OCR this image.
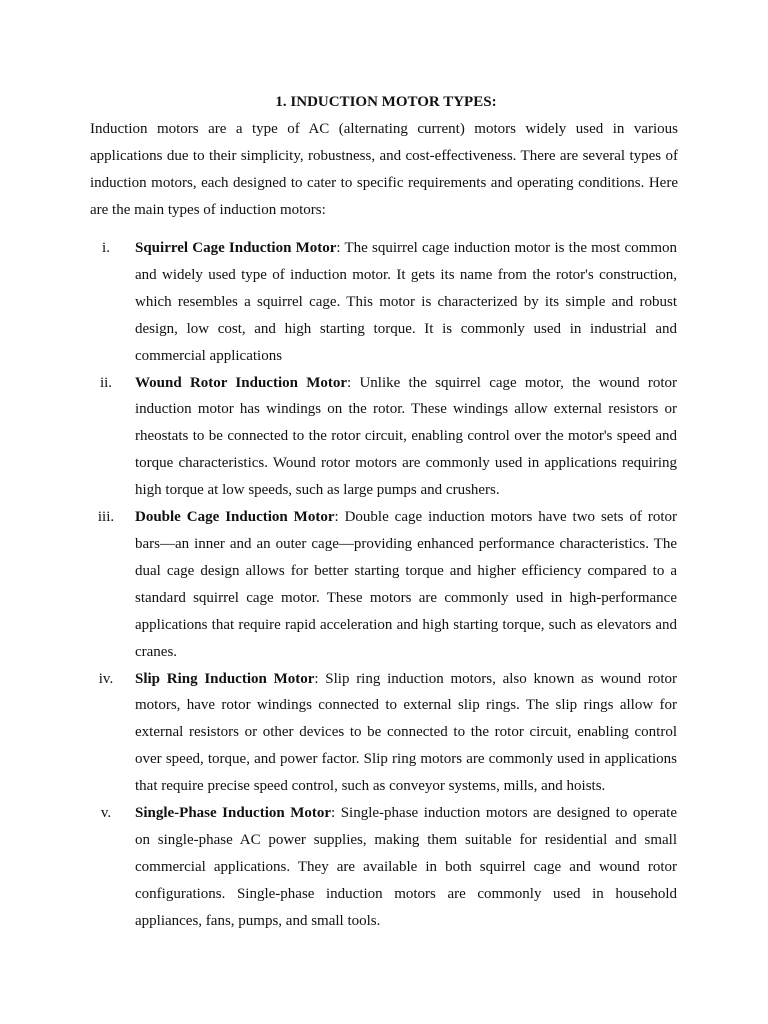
1. INDUCTION MOTOR TYPES:

Induction motors are a type of AC (alternating current) motors widely used in various applications due to their simplicity, robustness, and cost-effectiveness. There are several types of induction motors, each designed to cater to specific requirements and operating conditions. Here are the main types of induction motors:

i.	Squirrel Cage Induction Motor: The squirrel cage induction motor is the most common and widely used type of induction motor. It gets its name from the rotor's construction, which resembles a squirrel cage. This motor is characterized by its simple and robust design, low cost, and high starting torque. It is commonly used in industrial and commercial applications

ii.	Wound Rotor Induction Motor: Unlike the squirrel cage motor, the wound rotor induction motor has windings on the rotor. These windings allow external resistors or rheostats to be connected to the rotor circuit, enabling control over the motor's speed and torque characteristics. Wound rotor motors are commonly used in applications requiring high torque at low speeds, such as large pumps and crushers.

iii.	Double Cage Induction Motor: Double cage induction motors have two sets of rotor bars—an inner and an outer cage—providing enhanced performance characteristics. The dual cage design allows for better starting torque and higher efficiency compared to a standard squirrel cage motor. These motors are commonly used in high-performance applications that require rapid acceleration and high starting torque, such as elevators and cranes.

iv.	Slip Ring Induction Motor: Slip ring induction motors, also known as wound rotor motors, have rotor windings connected to external slip rings. The slip rings allow for external resistors or other devices to be connected to the rotor circuit, enabling control over speed, torque, and power factor. Slip ring motors are commonly used in applications that require precise speed control, such as conveyor systems, mills, and hoists.

v.	Single-Phase Induction Motor: Single-phase induction motors are designed to operate on single-phase AC power supplies, making them suitable for residential and small commercial applications. They are available in both squirrel cage and wound rotor configurations. Single-phase induction motors are commonly used in household appliances, fans, pumps, and small tools.
